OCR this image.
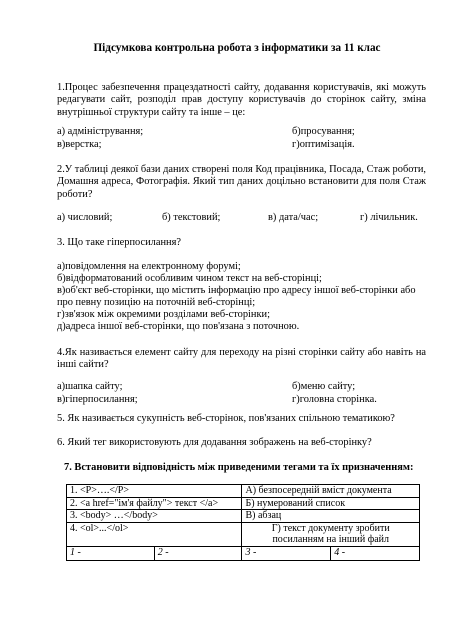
Підсумкова контрольна робота з інформатики за 11 клас

1.Процес забезпечення працездатності сайту, додавання користувачів, які можуть редагувати сайт, розподіл прав доступу користувачів до сторінок сайту, зміна внутрішньої структури сайту та інше – це:

а) адміністрування;	б)просування;
в)верстка;	г)оптимізація.

2.У таблиці деякої бази даних створені поля Код працівника, Посада, Стаж роботи, Домашня адреса, Фотографія. Який тип даних доцільно встановити для поля Стаж роботи?

а) числовий;	б) текстовий;	в) дата/час;	г) лічильник.
3. Що таке гіперпосилання?

а)повідомлення на електронному форумі;

б)відформатований особливим чином текст на веб-сторінці;

в)об'єкт веб-сторінки, що містить інформацію про адресу іншої веб-сторінки або про певну позицію на поточній веб-сторінці;

г)зв'язок між окремими розділами веб-сторінки;

д)адреса іншої веб-сторінки, що пов'язана з поточною.

4.Як називається елемент сайту для переходу на різні сторінки сайту або навіть на інші сайти?

а)шапка сайту;	б)меню сайту;
в)гіперпосилання;	г)головна сторінка.
5. Як називається сукупність веб-сторінок, пов'язаних спільною тематикою?
6. Який тег використовують для додавання зображень на веб-сторінку?
7. Встановити відповідність між приведеними тегами та їх призначенням:
1. <P>….</P>		А) безпосередній вміст документа	
2. <a href="ім'я файлу"> текст </a>		Б) нумерований список	
3. <body> …</body>		В) абзац	
4. <ol>...</ol>		Г) текст документу зробити посиланням на інший файл	
1 -	2 -	3 -	4 -
